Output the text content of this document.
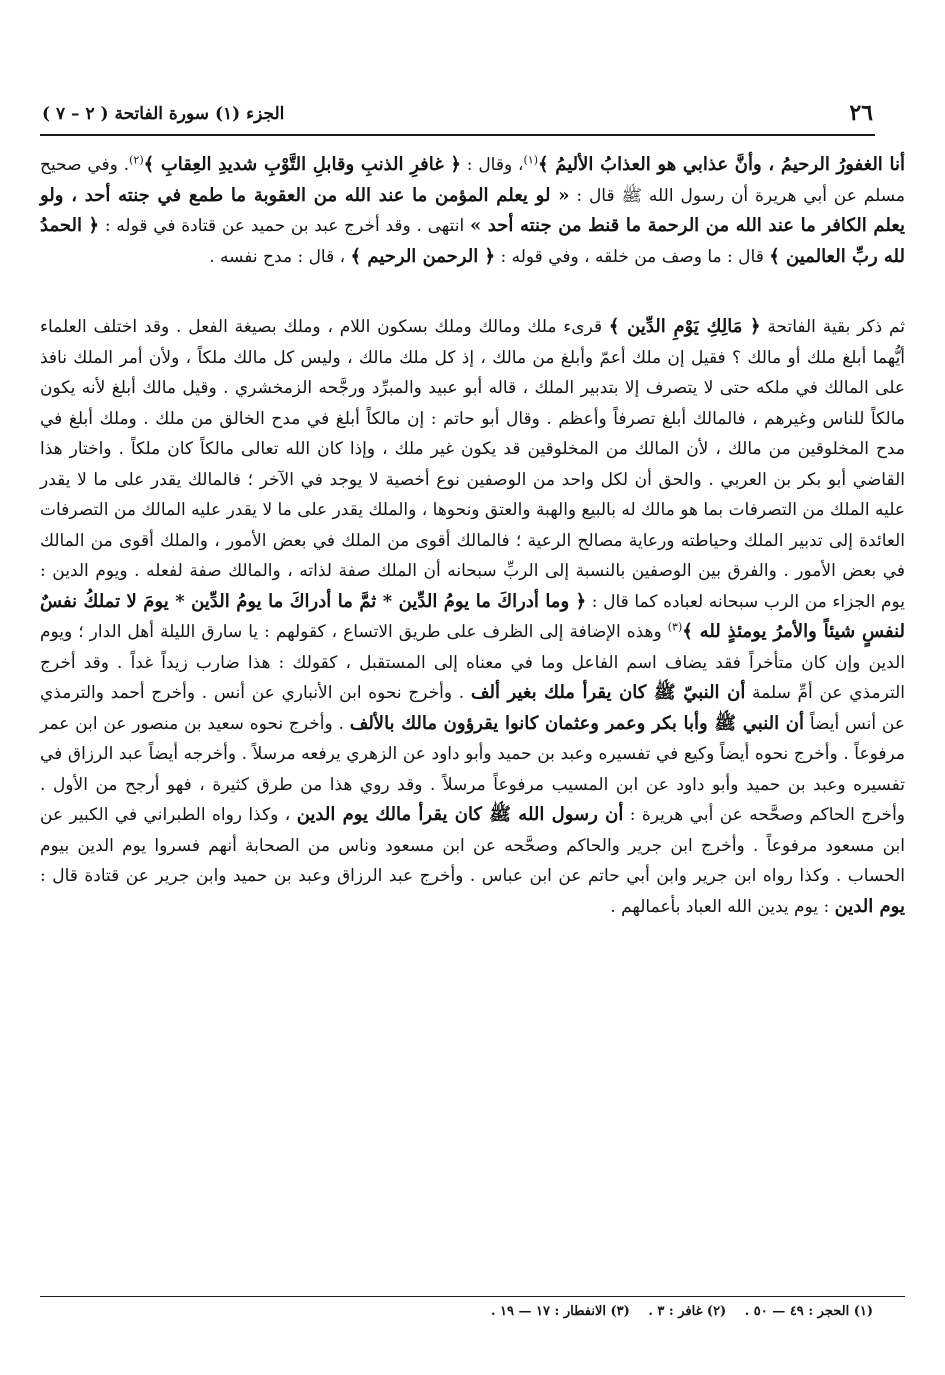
٢٦
الجزء (١) سورة الفاتحة ( ٢ – ٧ )

أنا الغفورُ الرحيمُ ، وأنَّ عذابي هو العذابُ الأليمُ ﴾$^{(١)}$، وقال : ﴿ غافرِ الذنبِ وقابلِ التَّوْبِ شديدِ العِقابِ ﴾$^{(٢)}$. وفي صحيح مسلم عن أبي هريرة أن رسول الله ﷺ قال : « لو يعلم المؤمن ما عند الله من العقوبة ما طمع في جنته أحد ، ولو يعلم الكافر ما عند الله من الرحمة ما قنط من جنته أحد » انتهى . وقد أخرج عبد بن حميد عن قتادة في قوله : ﴿ الحمدُ لله ربِّ العالمين ﴾ قال : ما وصف من خلقه ، وفي قوله : ﴿ الرحمن الرحيم ﴾ ، قال : مدح نفسه .

ثم ذكر بقية الفاتحة ﴿ مَالِكِ يَوْمِ الدِّين ﴾ قرىء ملك ومالك وملك بسكون اللام ، وملك بصيغة الفعل . وقد اختلف العلماء أيُّهما أبلغ ملك أو مالك ؟ فقيل إن ملك أعمّ وأبلغ من مالك ، إذ كل ملك مالك ، وليس كل مالك ملكاً ، ولأن أمر الملك نافذ على المالك في ملكه حتى لا يتصرف إلا بتدبير الملك ، قاله أبو عبيد والمبرِّد ورجَّحه الزمخشري . وقيل مالك أبلغ لأنه يكون مالكاً للناس وغيرهم ، فالمالك أبلغ تصرفاً وأعظم . وقال أبو حاتم : إن مالكاً أبلغ في مدح الخالق من ملك . وملك أبلغ في مدح المخلوقين من مالك ، لأن المالك من المخلوقين قد يكون غير ملك ، وإذا كان الله تعالى مالكاً كان ملكاً . واختار هذا القاضي أبو بكر بن العربي . والحق أن لكل واحد من الوصفين نوع أخصية لا يوجد في الآخر ؛ فالمالك يقدر على ما لا يقدر عليه الملك من التصرفات بما هو مالك له بالبيع والهبة والعتق ونحوها ، والملك يقدر على ما لا يقدر عليه المالك من التصرفات العائدة إلى تدبير الملك وحياطته ورعاية مصالح الرعية ؛ فالمالك أقوى من الملك في بعض الأمور ، والملك أقوى من المالك في بعض الأمور . والفرق بين الوصفين بالنسبة إلى الربِّ سبحانه أن الملك صفة لذاته ، والمالك صفة لفعله . ويوم الدين : يوم الجزاء من الرب سبحانه لعباده كما قال : ﴿ وما أدراكَ ما يومُ الدِّين * ثمَّ ما أدراكَ ما يومُ الدِّين * يومَ لا تملكُ نفسٌ لنفسٍ شيئاً والأمرُ يومئذٍ لله ﴾$^{(٣)}$ وهذه الإضافة إلى الظرف على طريق الاتساع ، كقولهم : يا سارق الليلة أهل الدار ؛ ويوم الدين وإن كان متأخراً فقد يضاف اسم الفاعل وما في معناه إلى المستقبل ، كقولك : هذا ضارب زيداً غداً . وقد أخرج الترمذي عن أمِّ سلمة أن النبيّ ﷺ كان يقرأ ملك بغير ألف . وأخرج نحوه ابن الأنباري عن أنس . وأخرج أحمد والترمذي عن أنس أيضاً أن النبي ﷺ وأبا بكر وعمر وعثمان كانوا يقرؤون مالك بالألف . وأخرج نحوه سعيد بن منصور عن ابن عمر مرفوعاً . وأخرج نحوه أيضاً وكيع في تفسيره وعبد بن حميد وأبو داود عن الزهري يرفعه مرسلاً . وأخرجه أيضاً عبد الرزاق في تفسيره وعبد بن حميد وأبو داود عن ابن المسيب مرفوعاً مرسلاً . وقد روي هذا من طرق كثيرة ، فهو أرجح من الأول . وأخرج الحاكم وصحَّحه عن أبي هريرة : أن رسول الله ﷺ كان يقرأ مالك يوم الدين ، وكذا رواه الطبراني في الكبير عن ابن مسعود مرفوعاً . وأخرج ابن جرير والحاكم وصحَّحه عن ابن مسعود وناس من الصحابة أنهم فسروا يوم الدين بيوم الحساب . وكذا رواه ابن جرير وابن أبي حاتم عن ابن عباس . وأخرج عبد الرزاق وعبد بن حميد وابن جرير عن قتادة قال : يوم الدين : يوم يدين الله العباد بأعمالهم .

(١) الحجر : ٤٩ — ٥٠ . (٢) غافر : ٣ . (٣) الانفطار : ١٧ — ١٩ .
